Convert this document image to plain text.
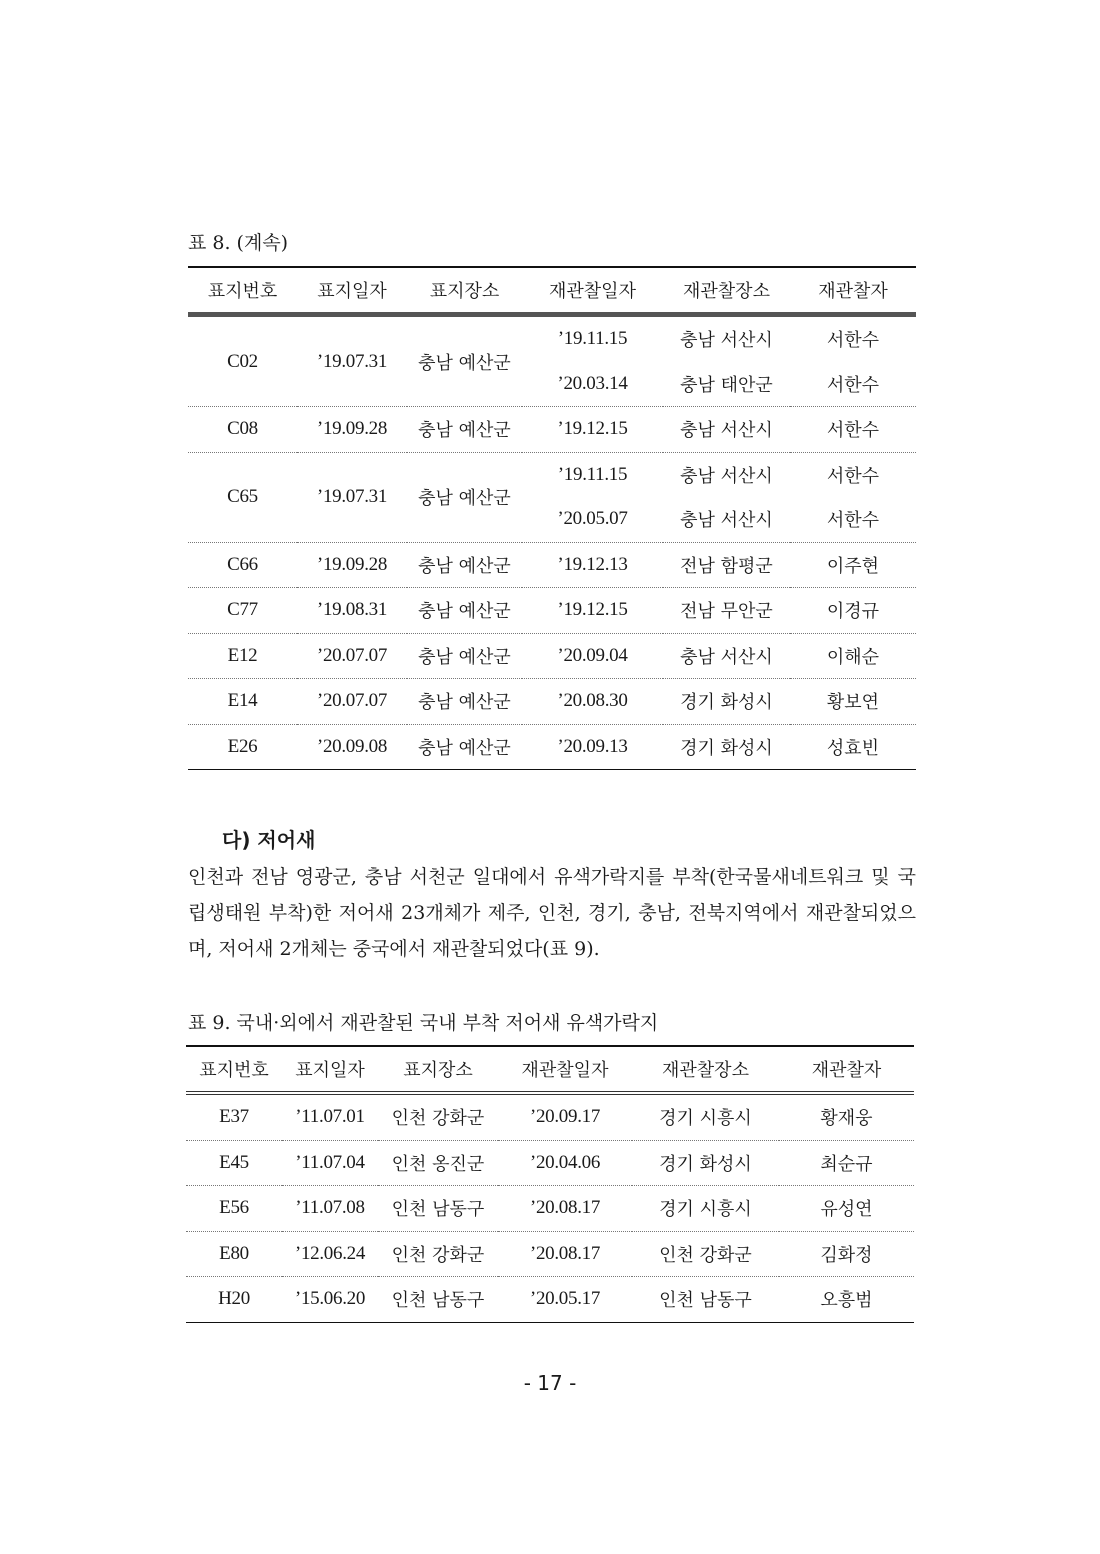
표 8. (계속)
표지번호	표지일자	표지장소	재관찰일자	재관찰장소	재관찰자
C02	’19.07.31	충남 예산군	’19.11.15	충남 서산시	서한수
			’20.03.14	충남 태안군	서한수
C08	’19.09.28	충남 예산군	’19.12.15	충남 서산시	서한수
C65	’19.07.31	충남 예산군	’19.11.15	충남 서산시	서한수
			’20.05.07	충남 서산시	서한수
C66	’19.09.28	충남 예산군	’19.12.13	전남 함평군	이주현
C77	’19.08.31	충남 예산군	’19.12.15	전남 무안군	이경규
E12	’20.07.07	충남 예산군	’20.09.04	충남 서산시	이해순
E14	’20.07.07	충남 예산군	’20.08.30	경기 화성시	황보연
E26	’20.09.08	충남 예산군	’20.09.13	경기 화성시	성효빈
다) 저어새

인천과 전남 영광군, 충남 서천군 일대에서 유색가락지를 부착(한국물새네트워크 및 국립생태원 부착)한 저어새 23개체가 제주, 인천, 경기, 충남, 전북지역에서 재관찰되었으며, 저어새 2개체는 중국에서 재관찰되었다(표 9).

표 9. 국내·외에서 재관찰된 국내 부착 저어새 유색가락지
표지번호	표지일자	표지장소	재관찰일자	재관찰장소	재관찰자
E37	’11.07.01	인천 강화군	’20.09.17	경기 시흥시	황재웅
E45	’11.07.04	인천 옹진군	’20.04.06	경기 화성시	최순규
E56	’11.07.08	인천 남동구	’20.08.17	경기 시흥시	유성연
E80	’12.06.24	인천 강화군	’20.08.17	인천 강화군	김화정
H20	’15.06.20	인천 남동구	’20.05.17	인천 남동구	오흥범
- 17 -
